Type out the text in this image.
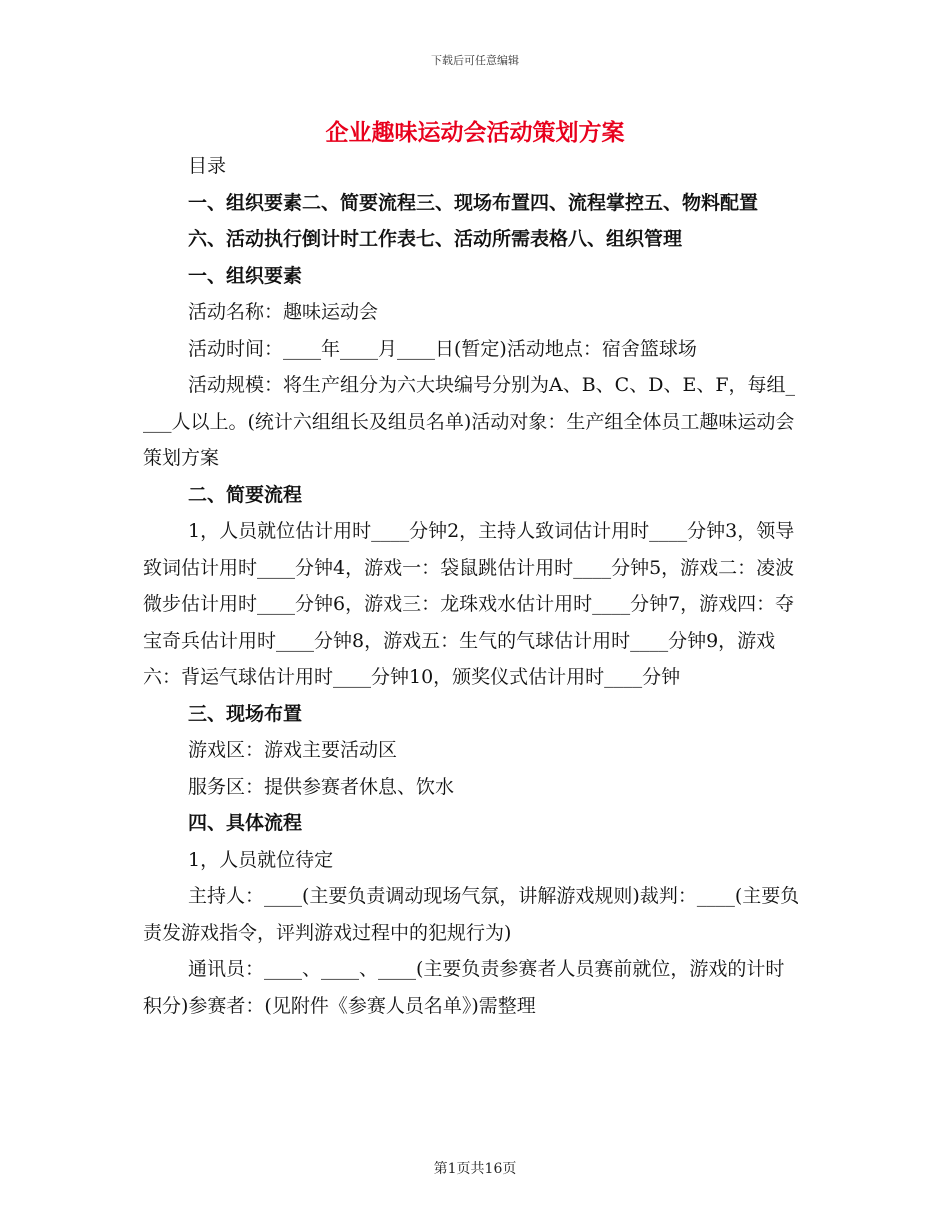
下载后可任意编辑
企业趣味运动会活动策划方案

目录

一、组织要素二、简要流程三、现场布置四、流程掌控五、物料配置

六、活动执行倒计时工作表七、活动所需表格八、组织管理

一、组织要素

活动名称：趣味运动会

活动时间：____年____月____日(暂定)活动地点：宿舍篮球场

活动规模：将生产组分为六大块编号分别为A、B、C、D、E、F，每组____人以上。(统计六组组长及组员名单)活动对象：生产组全体员工趣味运动会策划方案

二、简要流程

1，人员就位估计用时____分钟2，主持人致词估计用时____分钟3，领导致词估计用时____分钟4，游戏一：袋鼠跳估计用时____分钟5，游戏二：凌波微步估计用时____分钟6，游戏三：龙珠戏水估计用时____分钟7，游戏四：夺宝奇兵估计用时____分钟8，游戏五：生气的气球估计用时____分钟9，游戏六：背运气球估计用时____分钟10，颁奖仪式估计用时____分钟

三、现场布置

游戏区：游戏主要活动区

服务区：提供参赛者休息、饮水

四、具体流程

1，人员就位待定

主持人：____(主要负责调动现场气氛，讲解游戏规则)裁判：____(主要负责发游戏指令，评判游戏过程中的犯规行为)

通讯员：____、____、____(主要负责参赛者人员赛前就位，游戏的计时积分)参赛者：(见附件《参赛人员名单》)需整理

第1页共16页
